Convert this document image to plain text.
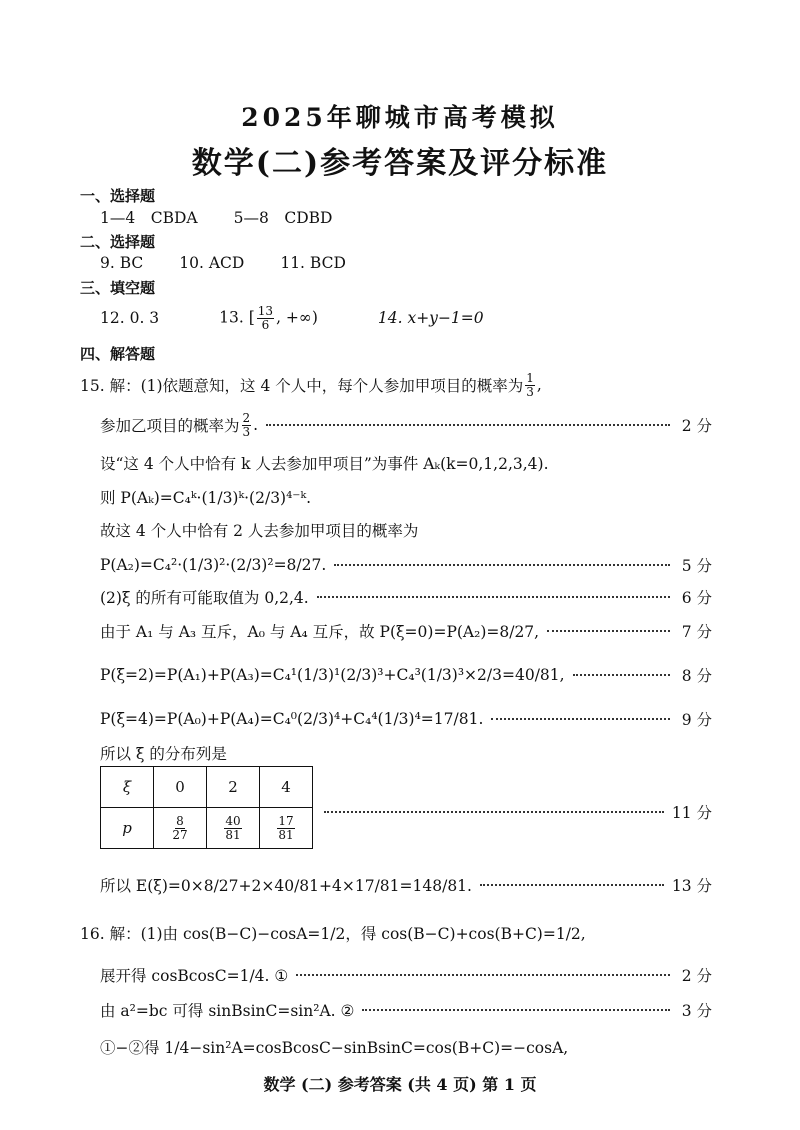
2025年聊城市高考模拟
数学(二)参考答案及评分标准
一、选择题
1—4　CBDA 5—8　CDBD
二、选择题
9. BC 10. ACD 11. BCD
三、填空题
12. 0. 3	13. [ $\frac{13}{6}$ , +∞)	14. x+y−1=0
四、解答题
15. 解：(1)依题意知，这 4 个人中，每个人参加甲项目的概率为 $\frac{1}{3}$ ,
参加乙项目的概率为 $\frac{2}{3}$ .	2 分
设“这 4 个人中恰有 k 人去参加甲项目”为事件 Aₖ(k=0,1,2,3,4).
则 P(Aₖ)=C₄ᵏ·(1/3)ᵏ·(2/3)⁴⁻ᵏ.
故这 4 个人中恰有 2 人去参加甲项目的概率为
P(A₂)=C₄²·(1/3)²·(2/3)²=8/27.	5 分
(2)ξ 的所有可能取值为 0,2,4.	6 分
由于 A₁ 与 A₃ 互斥，A₀ 与 A₄ 互斥，故 P(ξ=0)=P(A₂)=8/27,	7 分
P(ξ=2)=P(A₁)+P(A₃)=C₄¹(1/3)¹(2/3)³+C₄³(1/3)³×2/3=40/81,	8 分
P(ξ=4)=P(A₀)+P(A₄)=C₄⁰(2/3)⁴+C₄⁴(1/3)⁴=17/81.	9 分
所以 ξ 的分布列是
ξ	0	2	4
p	$\frac{8}{27}$	$\frac{40}{81}$	$\frac{17}{81}$
11 分
所以 E(ξ)=0×8/27+2×40/81+4×17/81=148/81.	13 分
16. 解：(1)由 cos(B−C)−cosA=1/2，得 cos(B−C)+cos(B+C)=1/2,
展开得 cosBcosC=1/4. ①	2 分
由 a²=bc 可得 sinBsinC=sin²A. ②	3 分
①−②得 1/4−sin²A=cosBcosC−sinBsinC=cos(B+C)=−cosA,
数学 (二) 参考答案 (共 4 页) 第 1 页
